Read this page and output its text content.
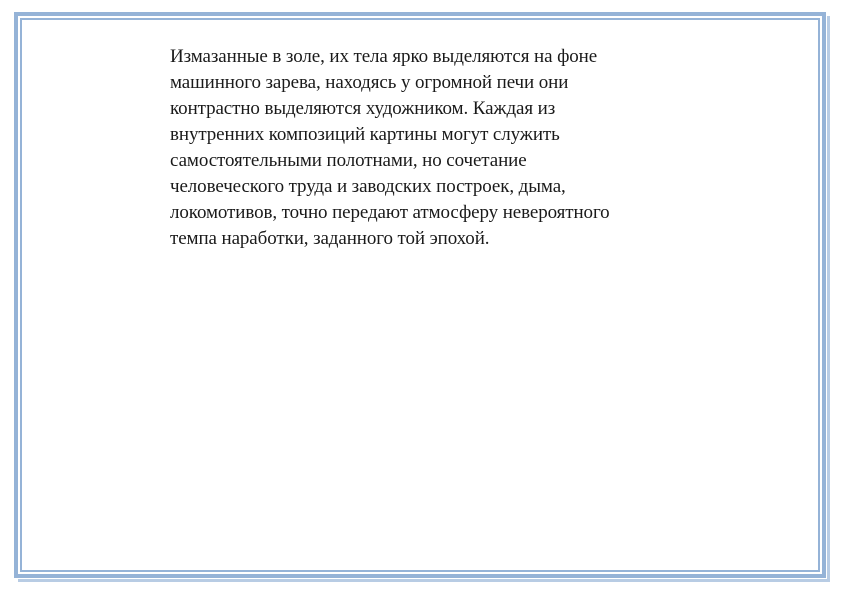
Измазанные в золе, их тела ярко выделяются на фоне
машинного зарева, находясь у огромной печи они
контрастно выделяются художником. Каждая из
внутренних композиций картины могут служить
самостоятельными полотнами, но сочетание
человеческого труда и заводских построек, дыма,
локомотивов, точно передают атмосферу невероятного
темпа наработки, заданного той эпохой.
